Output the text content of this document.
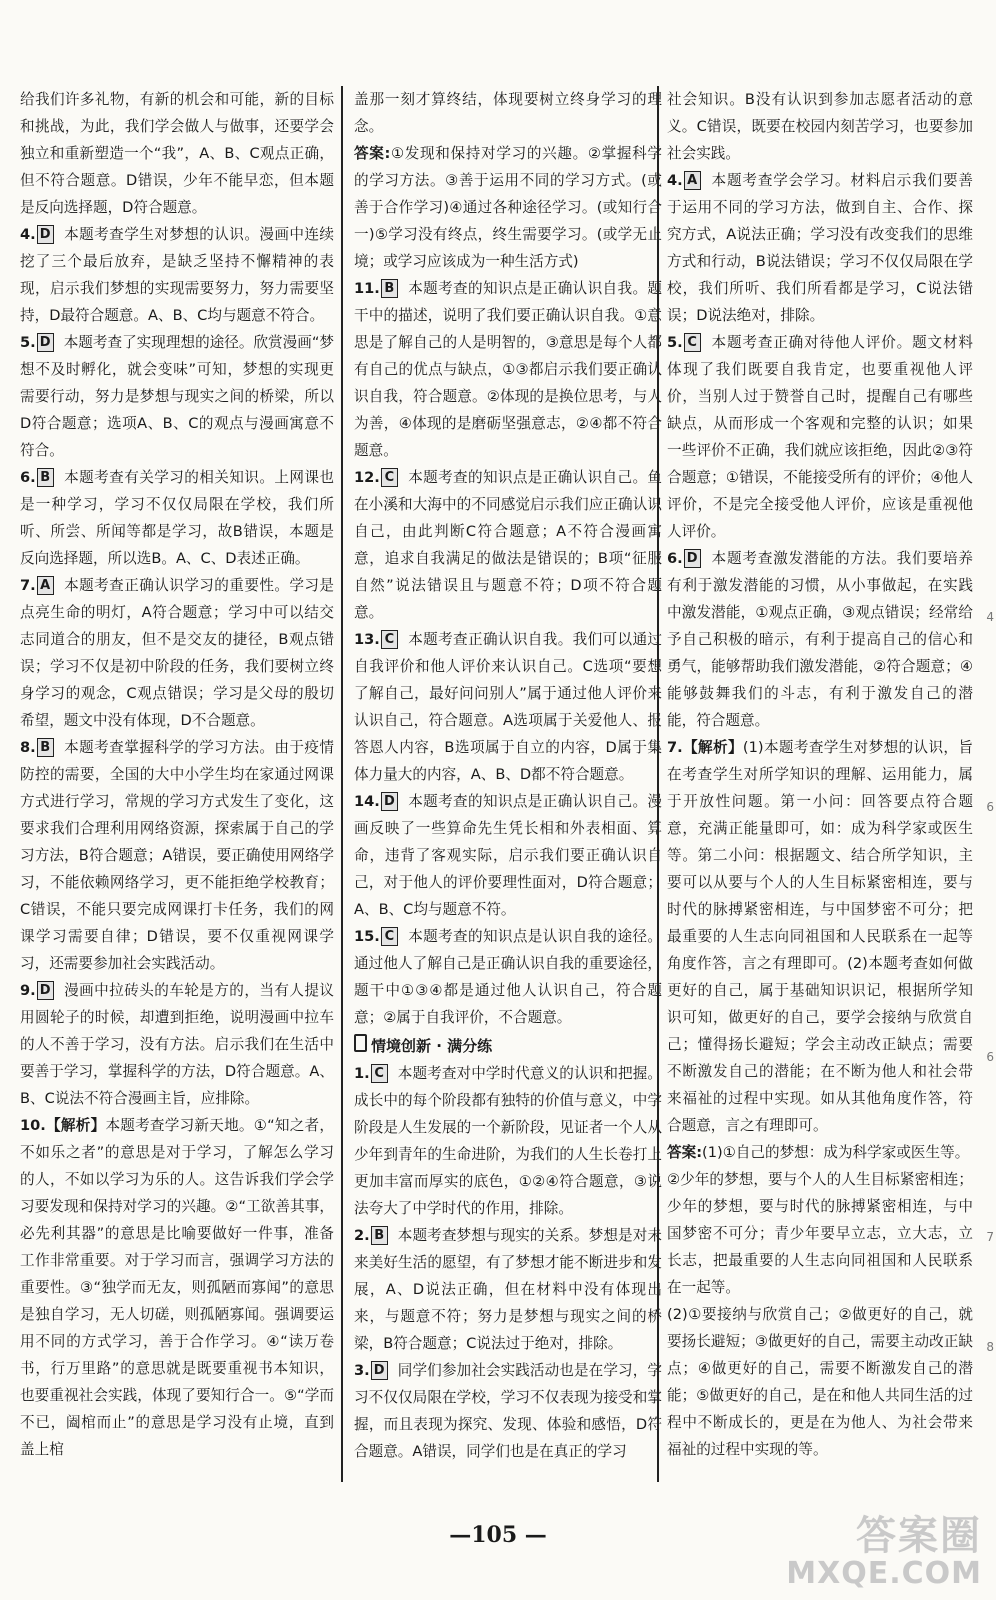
给我们许多礼物，有新的机会和可能，新的目标和挑战，为此，我们学会做人与做事，还要学会独立和重新塑造一个“我”，A、B、C观点正确，但不符合题意。D错误，少年不能早恋，但本题是反向选择题，D符合题意。
4. D 本题考查学生对梦想的认识。漫画中连续挖了三个最后放弃，是缺乏坚持不懈精神的表现，启示我们梦想的实现需要努力，努力需要坚持，D最符合题意。A、B、C均与题意不符合。
5. D 本题考查了实现理想的途径。欣赏漫画“梦想不及时孵化，就会变味”可知，梦想的实现更需要行动，努力是梦想与现实之间的桥梁，所以D符合题意；选项A、B、C的观点与漫画寓意不符合。
6. B 本题考查有关学习的相关知识。上网课也是一种学习，学习不仅仅局限在学校，我们所听、所尝、所闻等都是学习，故B错误，本题是反向选择题，所以选B。A、C、D表述正确。
7. A 本题考查正确认识学习的重要性。学习是点亮生命的明灯，A符合题意；学习中可以结交志同道合的朋友，但不是交友的捷径，B观点错误；学习不仅是初中阶段的任务，我们要树立终身学习的观念，C观点错误；学习是父母的殷切希望，题文中没有体现，D不合题意。
8. B 本题考查掌握科学的学习方法。由于疫情防控的需要，全国的大中小学生均在家通过网课方式进行学习，常规的学习方式发生了变化，这要求我们合理利用网络资源，探索属于自己的学习方法，B符合题意；A错误，要正确使用网络学习，不能依赖网络学习，更不能拒绝学校教育；C错误，不能只要完成网课打卡任务，我们的网课学习需要自律；D错误，要不仅重视网课学习，还需要参加社会实践活动。
9. D 漫画中拉砖头的车轮是方的，当有人提议用圆轮子的时候，却遭到拒绝，说明漫画中拉车的人不善于学习，没有方法。启示我们在生活中要善于学习，掌握科学的方法，D符合题意。A、B、C说法不符合漫画主旨，应排除。
10.【解析】本题考查学习新天地。①“知之者，不如乐之者”的意思是对于学习，了解怎么学习的人，不如以学习为乐的人。这告诉我们学会学习要发现和保持对学习的兴趣。②“工欲善其事，必先利其器”的意思是比喻要做好一件事，准备工作非常重要。对于学习而言，强调学习方法的重要性。③“独学而无友，则孤陋而寡闻”的意思是独自学习，无人切磋，则孤陋寡闻。强调要运用不同的方式学习，善于合作学习。④“读万卷书，行万里路”的意思就是既要重视书本知识，也要重视社会实践，体现了要知行合一。⑤“学而不已，阖棺而止”的意思是学习没有止境，直到盖上棺
盖那一刻才算终结，体现要树立终身学习的理念。
答案:①发现和保持对学习的兴趣。②掌握科学的学习方法。③善于运用不同的学习方式。(或善于合作学习)④通过各种途径学习。(或知行合一)⑤学习没有终点，终生需要学习。(或学无止境；或学习应该成为一种生活方式)
11. B 本题考查的知识点是正确认识自我。题干中的描述，说明了我们要正确认识自我。①意思是了解自己的人是明智的，③意思是每个人都有自己的优点与缺点，①③都启示我们要正确认识自我，符合题意。②体现的是换位思考，与人为善，④体现的是磨砺坚强意志，②④都不符合题意。
12. C 本题考查的知识点是正确认识自己。鱼在小溪和大海中的不同感觉启示我们应正确认识自己，由此判断C符合题意；A不符合漫画寓意，追求自我满足的做法是错误的；B项“征服自然”说法错误且与题意不符；D项不符合题意。
13. C 本题考查正确认识自我。我们可以通过自我评价和他人评价来认识自己。C选项“要想了解自己，最好问问别人”属于通过他人评价来认识自己，符合题意。A选项属于关爱他人、报答恩人内容，B选项属于自立的内容，D属于集体力量大的内容，A、B、D都不符合题意。
14. D 本题考查的知识点是正确认识自己。漫画反映了一些算命先生凭长相和外表相面、算命，违背了客观实际，启示我们要正确认识自己，对于他人的评价要理性面对，D符合题意；A、B、C均与题意不符。
15. C 本题考查的知识点是认识自我的途径。通过他人了解自己是正确认识自我的重要途径，题干中①③④都是通过他人认识自己，符合题意；②属于自我评价，不合题意。
情境创新 · 满分练
1. C 本题考查对中学时代意义的认识和把握。成长中的每个阶段都有独特的价值与意义，中学阶段是人生发展的一个新阶段，见证者一个人从少年到青年的生命进阶，为我们的人生长卷打上更加丰富而厚实的底色，①②④符合题意，③说法夸大了中学时代的作用，排除。
2. B 本题考查梦想与现实的关系。梦想是对未来美好生活的愿望，有了梦想才能不断进步和发展，A、D说法正确，但在材料中没有体现出来，与题意不符；努力是梦想与现实之间的桥梁，B符合题意；C说法过于绝对，排除。
3. D 同学们参加社会实践活动也是在学习，学习不仅仅局限在学校，学习不仅表现为接受和掌握，而且表现为探究、发现、体验和感悟，D符合题意。A错误，同学们也是在真正的学习
社会知识。B没有认识到参加志愿者活动的意义。C错误，既要在校园内刻苦学习，也要参加社会实践。
4. A 本题考查学会学习。材料启示我们要善于运用不同的学习方法，做到自主、合作、探究方式，A说法正确；学习没有改变我们的思维方式和行动，B说法错误；学习不仅仅局限在学校，我们所听、我们所看都是学习，C说法错误；D说法绝对，排除。
5. C 本题考查正确对待他人评价。题文材料体现了我们既要自我肯定，也要重视他人评价，当别人过于赞誉自己时，提醒自己有哪些缺点，从而形成一个客观和完整的认识；如果一些评价不正确，我们就应该拒绝，因此②③符合题意；①错误，不能接受所有的评价；④他人评价，不是完全接受他人评价，应该是重视他人评价。
6. D 本题考查激发潜能的方法。我们要培养有利于激发潜能的习惯，从小事做起，在实践中激发潜能，①观点正确，③观点错误；经常给予自己积极的暗示，有利于提高自己的信心和勇气，能够帮助我们激发潜能，②符合题意；④能够鼓舞我们的斗志，有利于激发自己的潜能，符合题意。
7.【解析】(1)本题考查学生对梦想的认识，旨在考查学生对所学知识的理解、运用能力，属于开放性问题。第一小问：回答要点符合题意，充满正能量即可，如：成为科学家或医生等。第二小问：根据题文、结合所学知识，主要可以从要与个人的人生目标紧密相连，要与时代的脉搏紧密相连，与中国梦密不可分；把最重要的人生志向同祖国和人民联系在一起等角度作答，言之有理即可。(2)本题考查如何做更好的自己，属于基础知识识记，根据所学知识可知，做更好的自己，要学会接纳与欣赏自己；懂得扬长避短；学会主动改正缺点；需要不断激发自己的潜能；在不断为他人和社会带来福祉的过程中实现。如从其他角度作答，符合题意，言之有理即可。
答案:(1)①自己的梦想：成为科学家或医生等。
②少年的梦想，要与个人的人生目标紧密相连；少年的梦想，要与时代的脉搏紧密相连，与中国梦密不可分；青少年要早立志，立大志，立长志，把最重要的人生志向同祖国和人民联系在一起等。
(2)①要接纳与欣赏自己；②做更好的自己，就要扬长避短；③做更好的自己，需要主动改正缺点；④做更好的自己，需要不断激发自己的潜能；⑤做更好的自己，是在和他人共同生活的过程中不断成长的，更是在为他人、为社会带来福祉的过程中实现的等。
—105 —
4
6
6
7
8
答案圈
MXQE.COM
